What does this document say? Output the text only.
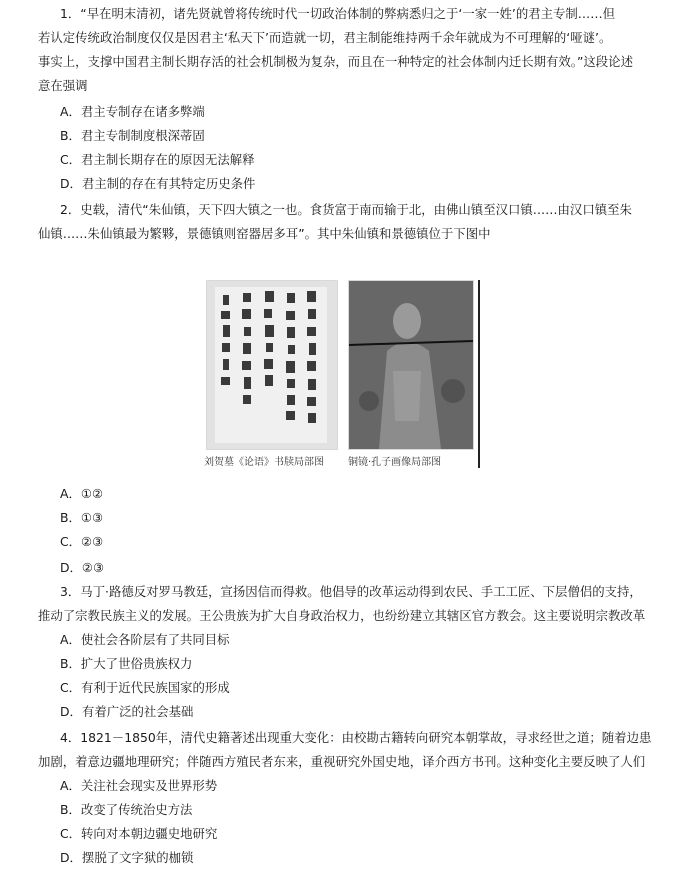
1．“早在明末清初，诸先贤就曾将传统时代一切政治体制的弊病悉归之于‘一家一姓’的君主专制……但
若认定传统政治制度仅仅是因君主‘私天下’而造就一切，君主制能维持两千余年就成为不可理解的‘哑谜’。
事实上，支撑中国君主制长期存活的社会机制极为复杂，而且在一种特定的社会体制内迁长期有效。”这段论述
意在强调
A．君主专制存在诸多弊端
B．君主专制制度根深蒂固
C．君主制长期存在的原因无法解释
D．君主制的存在有其特定历史条件
2．史载，清代“朱仙镇，天下四大镇之一也。食货富于南而输于北，由佛山镇至汉口镇……由汉口镇至朱
仙镇……朱仙镇最为繁夥，景德镇则窑器居多耳”。其中朱仙镇和景德镇位于下图中
刘贺墓《论语》书牍局部图 铜镜·孔子画像局部图
A．①②
B．①③
C．②③
D．②③
3．马丁·路德反对罗马教廷，宣扬因信而得救。他倡导的改革运动得到农民、手工工匠、下层僧侣的支持，
推动了宗教民族主义的发展。王公贵族为扩大自身政治权力，也纷纷建立其辖区官方教会。这主要说明宗教改革
A．使社会各阶层有了共同目标
B．扩大了世俗贵族权力
C．有利于近代民族国家的形成
D．有着广泛的社会基础
4．1821－1850年，清代史籍著述出现重大变化：由校勘古籍转向研究本朝掌故，寻求经世之道；随着边患
加剧，着意边疆地理研究；伴随西方殖民者东来，重视研究外国史地，译介西方书刊。这种变化主要反映了人们
A．关注社会现实及世界形势
B．改变了传统治史方法
C．转向对本朝边疆史地研究
D．摆脱了文字狱的枷锁
